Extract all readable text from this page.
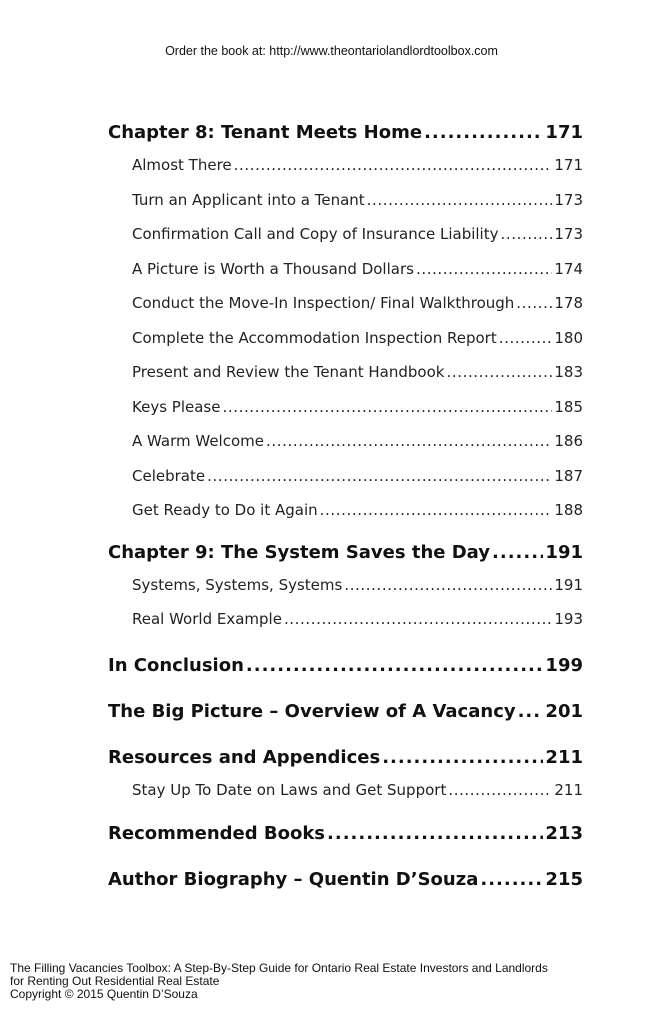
Order the book at: http://www.theontariolandlordtoolbox.com
Chapter 8: Tenant Meets Home .....	171
Almost There .....	171
Turn an Applicant into a Tenant .....	173
Confirmation Call and Copy of Insurance Liability .....	173
A Picture is Worth a Thousand Dollars .....	174
Conduct the Move-In Inspection/ Final Walkthrough .....	178
Complete the Accommodation Inspection Report .....	180
Present and Review the Tenant Handbook .....	183
Keys Please .....	185
A Warm Welcome .....	186
Celebrate .....	187
Get Ready to Do it Again .....	188
Chapter 9: The System Saves the Day .....	191
Systems, Systems, Systems .....	191
Real World Example .....	193
In Conclusion .....	199
The Big Picture – Overview of A Vacancy ..... 201
Resources and Appendices .....	211
Stay Up To Date on Laws and Get Support .....	211
Recommended Books .....	213
Author Biography – Quentin D’Souza .....	215
The Filling Vacancies Toolbox: A Step-By-Step Guide for Ontario Real Estate Investors and Landlords
for Renting Out Residential Real Estate
Copyright © 2015 Quentin D’Souza
